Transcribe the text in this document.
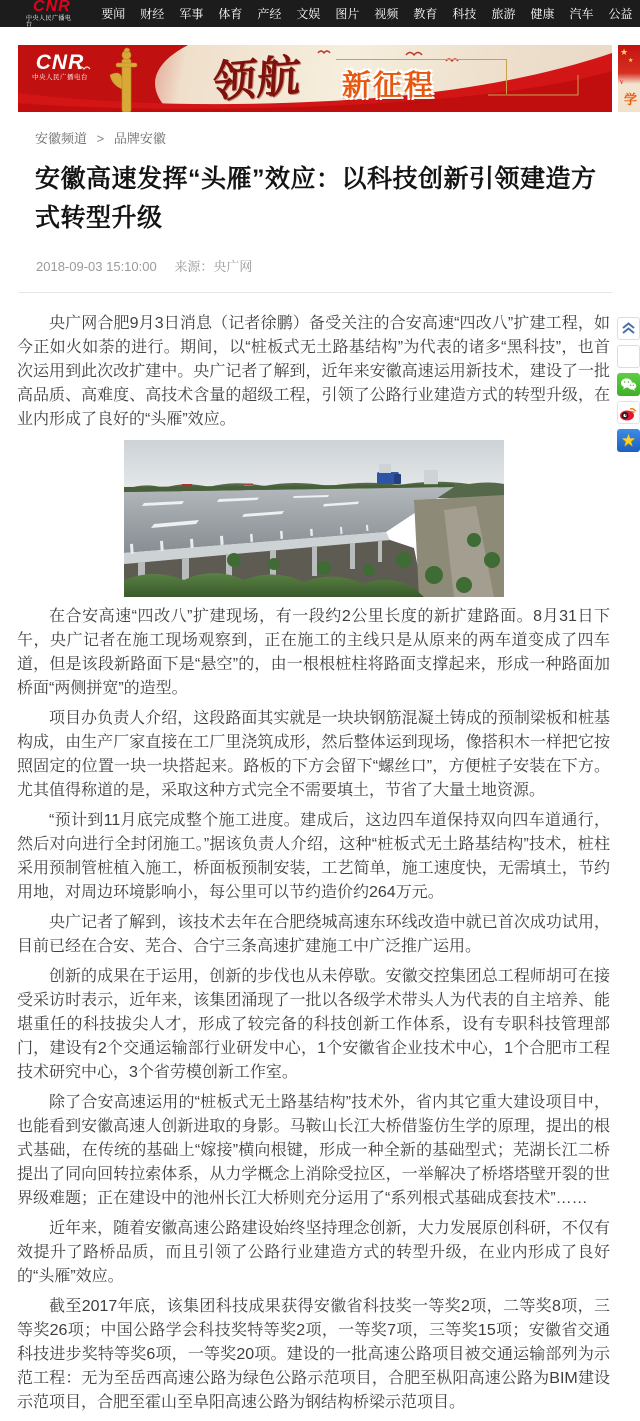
CNR
中央人民广播电台
要闻	财经	军事	体育	产经	文娱	图片	视频	教育	科技	旅游	健康	汽车	公益
CNR
中央人民广播电台	领航 新征程
★
★
᥎
学
安徽频道 > 品牌安徽
安徽高速发挥“头雁”效应：以科技创新引领建造方式转型升级
2018-09-03 15:10:00 来源：央广网

央广网合肥9月3日消息（记者徐鹏）备受关注的合安高速“四改八”扩建工程，如今正如火如荼的进行。期间，以“桩板式无土路基结构”为代表的诸多“黑科技”，也首次运用到此次改扩建中。央广记者了解到，近年来安徽高速运用新技术，建设了一批高品质、高难度、高技术含量的超级工程，引领了公路行业建造方式的转型升级，在业内形成了良好的“头雁”效应。

在合安高速“四改八”扩建现场，有一段约2公里长度的新扩建路面。8月31日下午，央广记者在施工现场观察到，正在施工的主线只是从原来的两车道变成了四车道，但是该段新路面下是“悬空”的，由一根根桩柱将路面支撑起来，形成一种路面加桥面“两侧拼宽”的造型。

项目办负责人介绍，这段路面其实就是一块块钢筋混凝土铸成的预制梁板和桩基构成，由生产厂家直接在工厂里浇筑成形，然后整体运到现场，像搭积木一样把它按照固定的位置一块一块搭起来。路板的下方会留下“螺丝口”，方便桩子安装在下方。尤其值得称道的是，采取这种方式完全不需要填土，节省了大量土地资源。

“预计到11月底完成整个施工进度。建成后，这边四车道保持双向四车道通行，然后对向进行全封闭施工。”据该负责人介绍，这种“桩板式无土路基结构”技术，桩柱采用预制管桩植入施工，桥面板预制安装，工艺简单，施工速度快，无需填土，节约用地，对周边环境影响小，每公里可以节约造价约264万元。

央广记者了解到，该技术去年在合肥绕城高速东环线改造中就已首次成功试用，目前已经在合安、芜合、合宁三条高速扩建施工中广泛推广运用。

创新的成果在于运用，创新的步伐也从未停歇。安徽交控集团总工程师胡可在接受采访时表示，近年来，该集团涌现了一批以各级学术带头人为代表的自主培养、能堪重任的科技拔尖人才，形成了较完备的科技创新工作体系，设有专职科技管理部门，建设有2个交通运输部行业研发中心，1个安徽省企业技术中心，1个合肥市工程技术研究中心，3个省劳模创新工作室。

除了合安高速运用的“桩板式无土路基结构”技术外，省内其它重大建设项目中，也能看到安徽高速人创新进取的身影。马鞍山长江大桥借鉴仿生学的原理，提出的根式基础，在传统的基础上“嫁接”横向根键，形成一种全新的基础型式；芜湖长江二桥提出了同向回转拉索体系，从力学概念上消除受拉区，一举解决了桥塔塔壁开裂的世界级难题；正在建设中的池州长江大桥则充分运用了“系列根式基础成套技术”……

近年来，随着安徽高速公路建设始终坚持理念创新，大力发展原创科研，不仅有效提升了路桥品质，而且引领了公路行业建造方式的转型升级，在业内形成了良好的“头雁”效应。

截至2017年底，该集团科技成果获得安徽省科技奖一等奖2项，二等奖8项，三等奖26项；中国公路学会科技奖特等奖2项，一等奖7项，三等奖15项；安徽省交通科技进步奖特等奖6项，一等奖20项。建设的一批高速公路项目被交通运输部列为示范工程：无为至岳西高速公路为绿色公路示范项目，合肥至枞阳高速公路为BIM建设示范项目，合肥至霍山至阜阳高速公路为钢结构桥梁示范项目。

★
